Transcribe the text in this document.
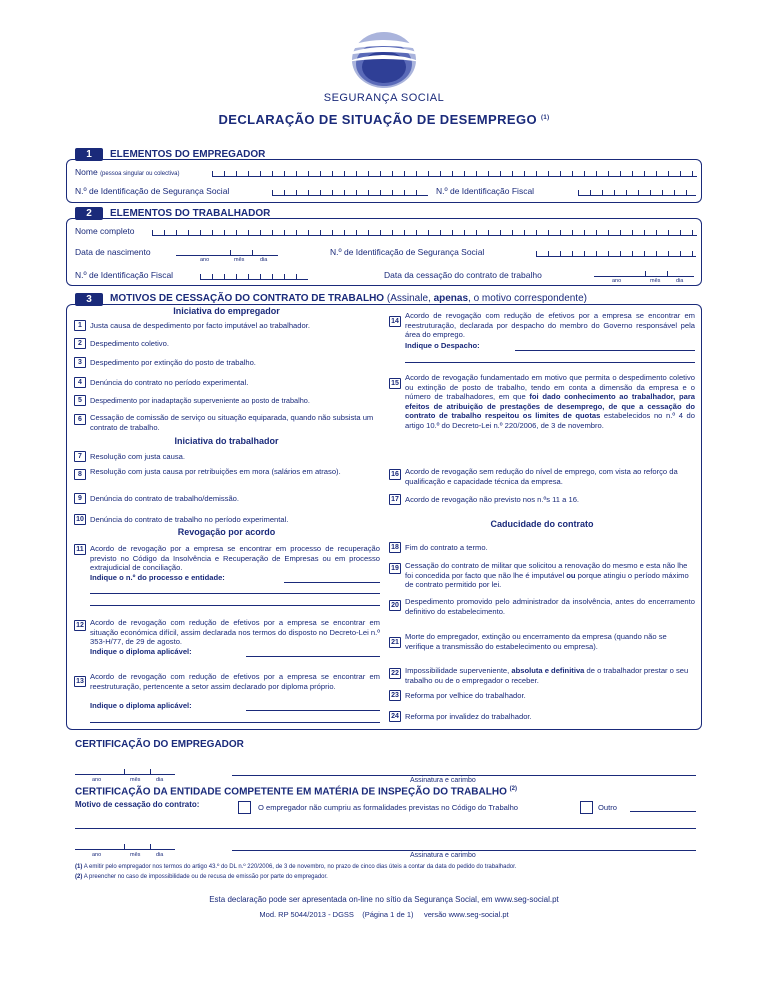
SEGURANÇA SOCIAL
DECLARAÇÃO DE SITUAÇÃO DE DESEMPREGO $^{(1)}$
1	ELEMENTOS DO EMPREGADOR
Nome (pessoa singular ou colectiva)
N.º de Identificação de Segurança Social	N.º de Identificação Fiscal
2	ELEMENTOS DO TRABALHADOR
Nome completo
Data de nascimento
ano	mês	dia
N.º de Identificação de Segurança Social
N.º de Identificação Fiscal	Data da cessação do contrato de trabalho
ano	mês	dia
3	MOTIVOS DE CESSAÇÃO DO CONTRATO DE TRABALHO (Assinale, apenas, o motivo correspondente)
Iniciativa do empregador
1	Justa causa de despedimento por facto imputável ao trabalhador.
2	Despedimento coletivo.
3	Despedimento por extinção do posto de trabalho.
4	Denúncia do contrato no período experimental.
5	Despedimento por inadaptação superveniente ao posto de trabalho.
6	Cessação de comissão de serviço ou situação equiparada, quando não subsista um contrato de trabalho.
Iniciativa do trabalhador
7	Resolução com justa causa.
8	Resolução com justa causa por retribuições em mora (salários em atraso).
9	Denúncia do contrato de trabalho/demissão.
10 Denúncia do contrato de trabalho no período experimental.
Revogação por acordo
11 Acordo de revogação por a empresa se encontrar em processo de recuperação previsto no Código da Insolvência e Recuperação de Empresas ou em processo extrajudicial de conciliação.
Indique o n.º do processo e entidade:
12 Acordo de revogação com redução de efetivos por a empresa se encontrar em situação económica difícil, assim declarada nos termos do disposto no Decreto-Lei n.º 353-H/77, de 29 de agosto.
Indique o diploma aplicável:
13
Acordo de revogação com redução de efetivos por a empresa se encontrar em reestruturação, pertencente a setor assim declarado por diploma próprio.
Indique o diploma aplicável:
14
Acordo de revogação com redução de efetivos por a empresa se encontrar em reestruturação, declarada por despacho do membro do Governo responsável pela área do emprego.
Indique o Despacho:
15
Acordo de revogação fundamentado em motivo que permita o despedimento coletivo ou extinção de posto de trabalho, tendo em conta a dimensão da empresa e o número de trabalhadores, em que foi dado conhecimento ao trabalhador, para efeitos de atribuição de prestações de desemprego, de que a cessação do contrato de trabalho respeitou os limites de quotas estabelecidos no n.º 4 do artigo 10.º do Decreto-Lei n.º 220/2006, de 3 de novembro.
16 Acordo de revogação sem redução do nível de emprego, com vista ao reforço da qualificação e capacidade técnica da empresa.
17 Acordo de revogação não previsto nos n.ºs 11 a 16.
Caducidade do contrato
18 Fim do contrato a termo.
19 Cessação do contrato de militar que solicitou a renovação do mesmo e esta não lhe foi concedida por facto que não lhe é imputável ou porque atingiu o período máximo de contrato permitido por lei.
20 Despedimento promovido pelo administrador da insolvência, antes do encerramento definitivo do estabelecimento.
21
Morte do empregador, extinção ou encerramento da empresa (quando não se verifique a transmissão do estabelecimento ou empresa).
22 Impossibilidade superveniente, absoluta e definitiva de o trabalhador prestar o seu trabalho ou de o empregador o receber.
23 Reforma por velhice do trabalhador.
24 Reforma por invalidez do trabalhador.
CERTIFICAÇÃO DO EMPREGADOR
ano	mês	dia	Assinatura e carimbo
CERTIFICAÇÃO DA ENTIDADE COMPETENTE EM MATÉRIA DE INSPEÇÃO DO TRABALHO $^{(2)}$
Motivo de cessação do contrato:	O empregador não cumpriu as formalidades previstas no Código do Trabalho	Outro
ano	mês	dia	Assinatura e carimbo
(1) A emitir pelo empregador nos termos do artigo 43.º do DL n.º 220/2006, de 3 de novembro, no prazo de cinco dias úteis a contar da data do pedido do trabalhador.
(2) A preencher no caso de impossibilidade ou de recusa de emissão por parte do empregador.
Esta declaração pode ser apresentada on-line no sítio da Segurança Social, em www.seg-social.pt
Mod. RP 5044/2013 - DGSS (Página 1 de 1) versão www.seg-social.pt
